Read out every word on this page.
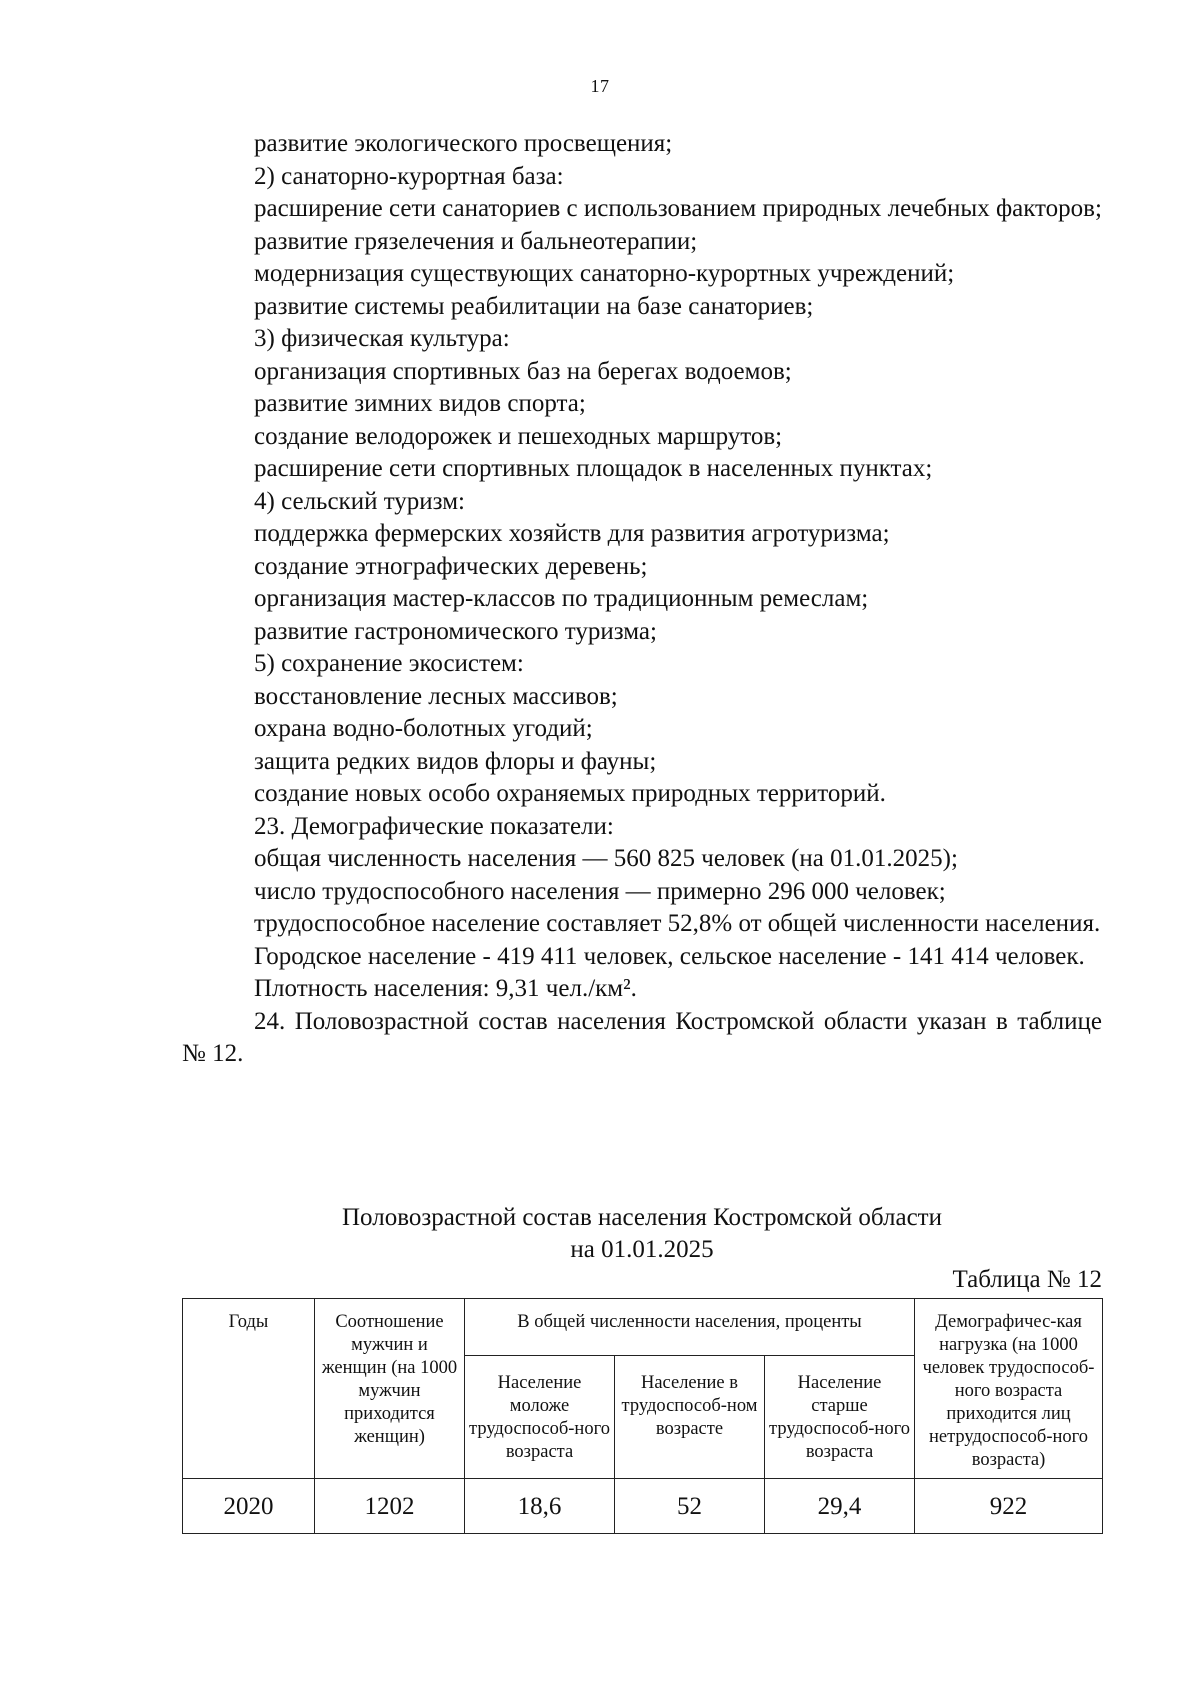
17

развитие экологического просвещения;

2) санаторно-курортная база:

расширение сети санаториев с использованием природных лечебных факторов;

развитие грязелечения и бальнеотерапии;

модернизация существующих санаторно-курортных учреждений;

развитие системы реабилитации на базе санаториев;

3) физическая культура:

организация спортивных баз на берегах водоемов;

развитие зимних видов спорта;

создание велодорожек и пешеходных маршрутов;

расширение сети спортивных площадок в населенных пунктах;

4) сельский туризм:

поддержка фермерских хозяйств для развития агротуризма;

создание этнографических деревень;

организация мастер-классов по традиционным ремеслам;

развитие гастрономического туризма;

5) сохранение экосистем:

восстановление лесных массивов;

охрана водно-болотных угодий;

защита редких видов флоры и фауны;

создание новых особо охраняемых природных территорий.

23. Демографические показатели:

общая численность населения — 560 825 человек (на 01.01.2025);

число трудоспособного населения — примерно 296 000 человек;

трудоспособное население составляет 52,8% от общей численности населения.

Городское население - 419 411 человек, сельское население - 141 414 человек.

Плотность населения: 9,31 чел./км².

24. Половозрастной состав населения Костромской области указан в таблице № 12.

Половозрастной состав населения Костромской области
на 01.01.2025
Таблица № 12
Годы	Соотношение мужчин и женщин (на 1000 мужчин приходится женщин)	В общей численности населения, проценты			Демографичес-кая нагрузка (на 1000 человек трудоспособ-ного возраста приходится лиц нетрудоспособ-ного возраста)
		Население моложе трудоспособ-ного возраста	Население в трудоспособ-ном возрасте	Население старше трудоспособ-ного возраста	
2020	1202	18,6	52	29,4	922
